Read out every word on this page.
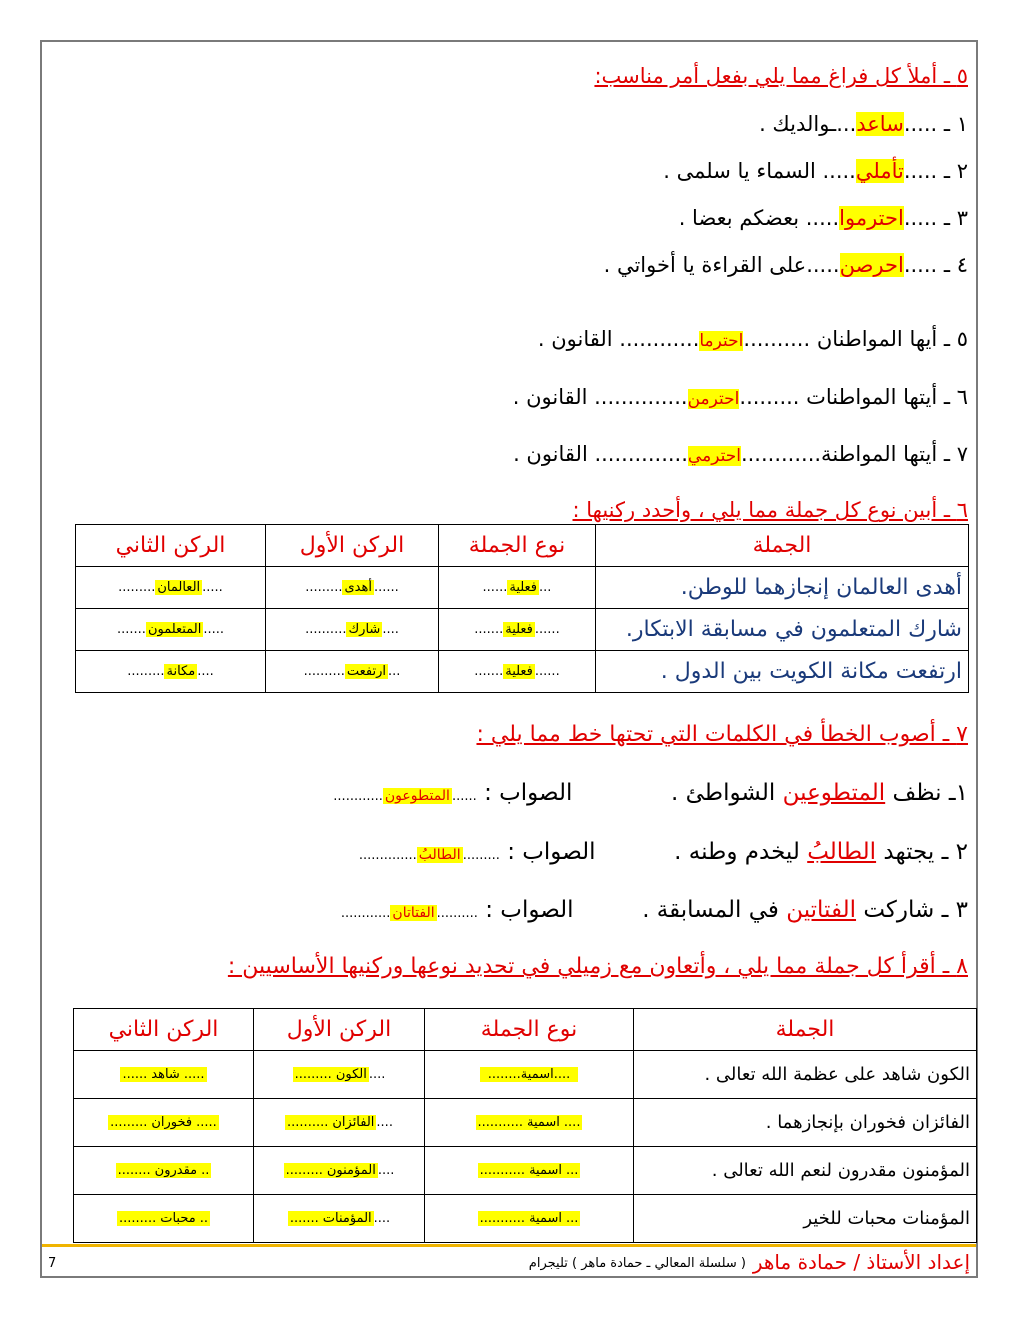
٥ ـ أملأ كل فراغ مما يلي بفعل أمر مناسب:
١ ـ .....ساعد...ـوالديك .
٢ ـ .....تأملي..... السماء يا سلمى .
٣ ـ .....احترموا..... بعضكم بعضا .
٤ ـ .....احرصن.....على القراءة يا أخواتي .
٥ ـ أيها المواطنان ..........احترما............ القانون .
٦ ـ أيتها المواطنات .........احترمن.............. القانون .
٧ ـ أيتها المواطنة............احترمي.............. القانون .
٦ ـ أبين نوع كل جملة مما يلي ، وأحدد ركنيها :
الجملة	نوع الجملة	الركن الأول	الركن الثاني
أهدى العالمان إنجازهما للوطن.	...فعلية......	......أهدى.........	.....العالمان.........
شارك المتعلمون في مسابقة الابتكار.	......فعلية.......	....شارك..........	.....المتعلمون.......
ارتفعت مكانة الكويت بين الدول .	......فعلية.......	...ارتفعت..........	....مكانة.........
٧ ـ أصوب الخطأ في الكلمات التي تحتها خط مما يلي :
١ـ نظف المتطوعين الشواطئ .  الصواب : ......المتطوعون............
٢ ـ يجتهد الطالبُ ليخدم وطنه .  الصواب : .........الطالبُ..............
٣ ـ شاركت الفتاتين في المسابقة .  الصواب : ..........الفتاتان............
٨ ـ أقرأ كل جملة مما يلي ، وأتعاون مع زميلي في تحديد نوعها وركنيها الأساسيين :
الجملة	نوع الجملة	الركن الأول	الركن الثاني
الكون شاهد على عظمة الله تعالى .	....اسمية........	....الكون.........	.....شاهد......
الفائزان فخوران بإنجازهما .	....اسمية...........	....الفائزان..........	.....فخوران.........
المؤمنون مقدرون لنعم الله تعالى .	...اسمية...........	....المؤمنون.........	..مقدرون........
المؤمنات محبات للخير	...اسمية...........	....المؤمنات.......	..محبات.........
إعداد الأستاذ / حمادة ماهر
( سلسلة المعالي ـ حمادة ماهر ) تليجرام
7
